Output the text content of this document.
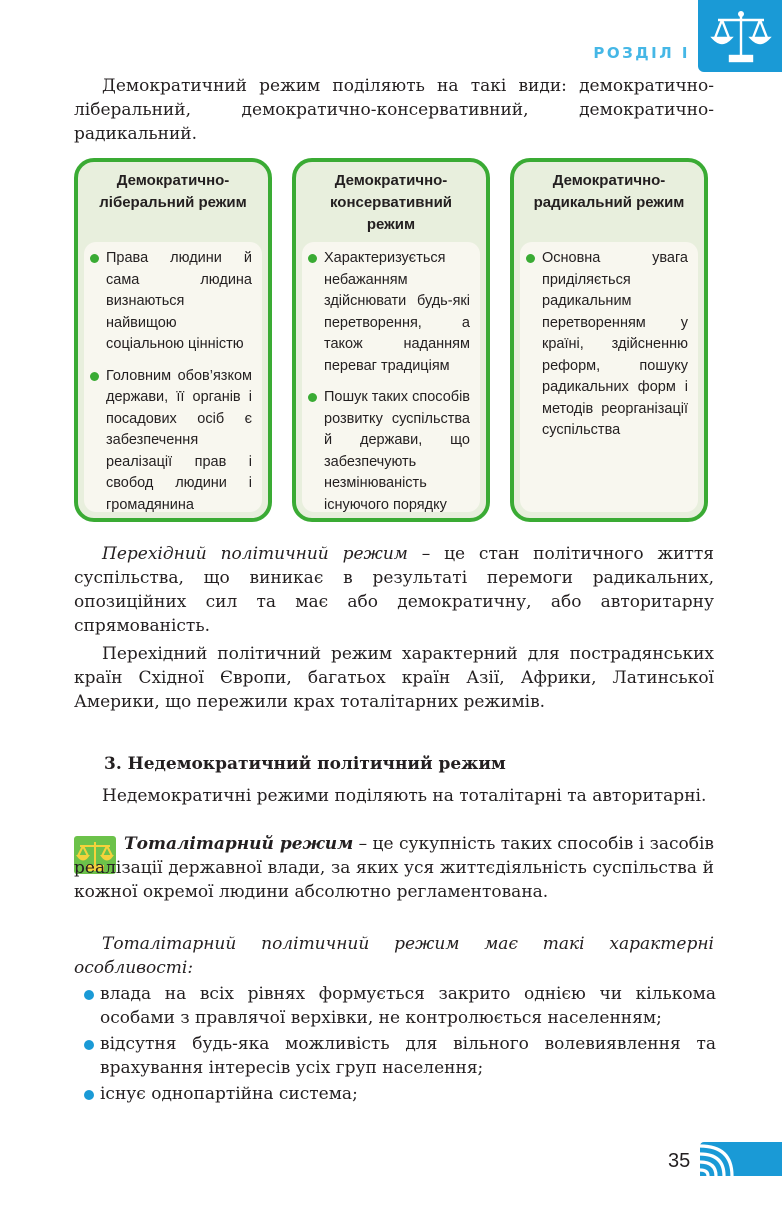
РОЗДІЛ І
Демократичний режим поділяють на такі види: демократично-ліберальний, демократично-консервативний, демократично-радикальний.
Демократично-ліберальний режим
Права людини й сама людина визнаються найвищою соціальною цінністю
Головним обов’язком держави, її органів і посадових осіб є забезпечення реалізації прав і свобод людини і громадянина
Демократично-консервативний режим
Характеризується небажанням здійснювати будь-які перетворення, а також наданням переваг традиціям
Пошук таких способів розвитку суспільства й держави, що забезпечують незмінюваність існуючого порядку
Демократично-радикальний режим
Основна увага приділяється радикальним перетворенням у країні, здійсненню реформ, пошуку радикальних форм і методів реорганізації суспільства
Перехідний політичний режим – це стан політичного життя суспільства, що виникає в результаті перемоги радикальних, опозиційних сил та має або демократичну, або авторитарну спрямованість.
Перехідний політичний режим характерний для пострадянських країн Східної Європи, багатьох країн Азії, Африки, Латинської Америки, що пережили крах тоталітарних режимів.
3. Недемократичний політичний режим
Недемократичні режими поділяють на тоталітарні та авторитарні.
Тоталітарний режим – це сукупність таких способів і засобів реалізації державної влади, за яких уся життєдіяльність суспільства й кожної окремої людини абсолютно регламентована.
Тоталітарний політичний режим має такі характерні особливості:
влада на всіх рівнях формується закрито однією чи кількома особами з правлячої верхівки, не контролюється населенням;
відсутня будь-яка можливість для вільного волевиявлення та врахування інтересів усіх груп населення;
існує однопартійна система;
35
